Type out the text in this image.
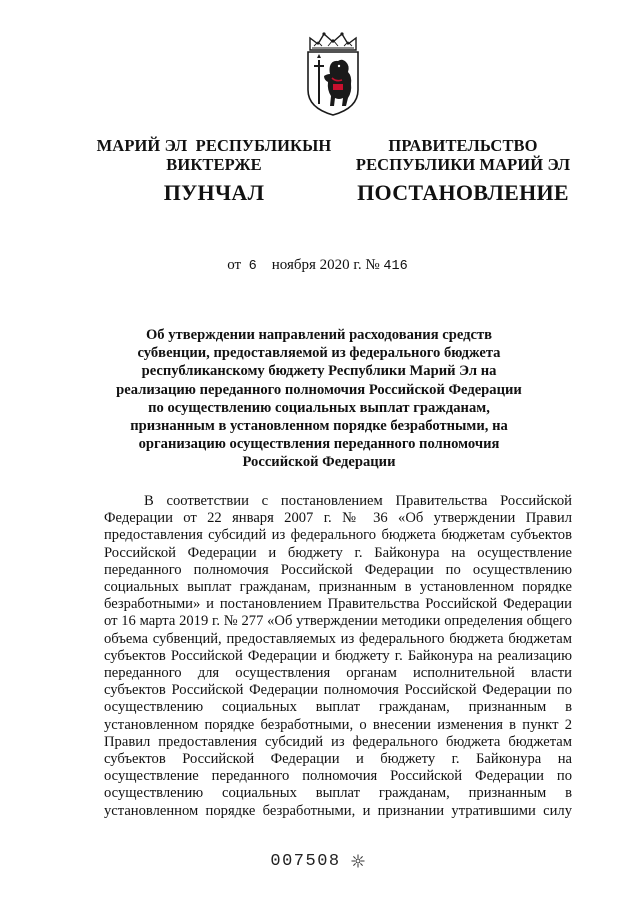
МАРИЙ ЭЛ  РЕСПУБЛИКЫН
ВИКТЕРЖЕ
ПУНЧАЛ
ПРАВИТЕЛЬСТВО
РЕСПУБЛИКИ МАРИЙ ЭЛ
ПОСТАНОВЛЕНИЕ
от 6 ноября 2020 г. № 416

Об утверждении направлений расходования средств субвенции, предоставляемой из федерального бюджета республиканскому бюджету Республики Марий Эл на реализацию переданного полномочия Российской Федерации по осуществлению социальных выплат гражданам, признанным в установленном порядке безработными, на организацию осуществления переданного полномочия Российской Федерации

В соответствии с постановлением Правительства Российской Федерации от 22 января 2007 г. № 36 «Об утверждении Правил предоставления субсидий из федерального бюджета бюджетам субъектов Российской Федерации и бюджету г. Байконура на осуществление переданного полномочия Российской Федерации по осуществлению социальных выплат гражданам, признанным в установленном порядке безработными» и постановлением Правительства Российской Федерации от 16 марта 2019 г. № 277 «Об утверждении методики определения общего объема субвенций, предоставляемых из федерального бюджета бюджетам субъектов Российской Федерации и бюджету г. Байконура на реализацию переданного для осуществления органам исполнительной власти субъектов Российской Федерации полномочия Российской Федерации по осуществлению социальных выплат гражданам, признанным в установленном порядке безработными, о внесении изменения в пункт 2 Правил предоставления субсидий из федерального бюджета бюджетам субъектов Российской Федерации и бюджету г. Байконура на осуществление переданного полномочия Российской Федерации по осуществлению социальных выплат гражданам, признанным в установленном порядке безработными, и признании утратившими силу

007508
